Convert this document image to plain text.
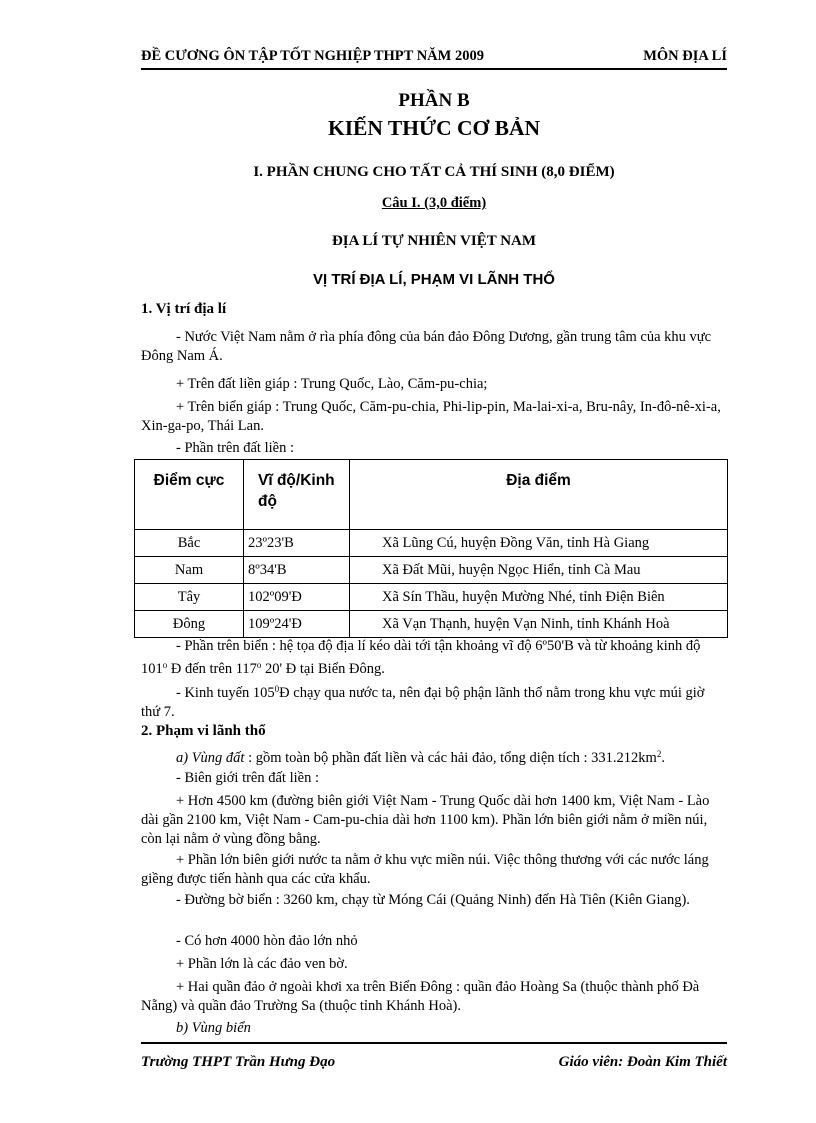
ĐỀ CƯƠNG ÔN TẬP TỐT NGHIỆP THPT NĂM 2009	MÔN ĐỊA LÍ
PHẦN B
KIẾN THỨC CƠ BẢN
I. PHẦN CHUNG CHO TẤT CẢ THÍ SINH (8,0 ĐIỂM)
Câu I. (3,0 điểm)
ĐỊA LÍ TỰ NHIÊN VIỆT NAM
VỊ TRÍ ĐỊA LÍ, PHẠM VI LÃNH THỔ
1. Vị trí địa lí
- Nước Việt Nam nằm ở rìa phía đông của bán đảo Đông Dương, gần trung tâm của khu vực Đông Nam Á.
+ Trên đất liền giáp : Trung Quốc, Lào, Căm-pu-chia;
+ Trên biển giáp : Trung Quốc, Căm-pu-chia, Phi-lip-pin, Ma-lai-xi-a, Bru-nây, In-đô-nê-xi-a, Xin-ga-po, Thái Lan.
- Phần trên đất liền :
Điểm cực	Vĩ độ/Kinh độ	Địa điểm
Bắc	23º23'B	Xã Lũng Cú, huyện Đồng Văn, tỉnh Hà Giang
Nam	8º34'B	Xã Đất Mũi, huyện Ngọc Hiển, tỉnh Cà Mau
Tây	102º09'Đ	Xã Sín Thầu, huyện Mường Nhé, tỉnh Điện Biên
Đông	109º24'Đ	Xã Vạn Thạnh, huyện Vạn Ninh, tỉnh Khánh Hoà
- Phần trên biển : hệ tọa độ địa lí kéo dài tới tận khoảng vĩ độ 6º50'B và từ khoảng kinh độ 101$^o$ Đ đến trên 117$^o$ 20' Đ tại Biển Đông.
- Kinh tuyến $105^0Đ$ chạy qua nước ta, nên đại bộ phận lãnh thổ nằm trong khu vực múi giờ thứ 7.
2. Phạm vi lãnh thổ
a) Vùng đất : gồm toàn bộ phần đất liền và các hải đảo, tổng diện tích : $331.212km^2$.
- Biên giới trên đất liền :
+ Hơn 4500 km (đường biên giới Việt Nam - Trung Quốc dài hơn 1400 km, Việt Nam - Lào dài gần 2100 km, Việt Nam - Cam-pu-chia dài hơn 1100 km). Phần lớn biên giới nằm ở miền núi, còn lại nằm ở vùng đồng bằng.
+ Phần lớn biên giới nước ta nằm ở khu vực miền núi. Việc thông thương với các nước láng giềng được tiến hành qua các cửa khẩu.
- Đường bờ biển : 3260 km, chạy từ Móng Cái (Quảng Ninh) đến Hà Tiên (Kiên Giang).
- Có hơn 4000 hòn đảo lớn nhỏ
+ Phần lớn là các đảo ven bờ.
+ Hai quần đảo ở ngoài khơi xa trên Biển Đông : quần đảo Hoàng Sa (thuộc thành phố Đà Nẵng) và quần đảo Trường Sa (thuộc tỉnh Khánh Hoà).
b) Vùng biển
Trường THPT Trần Hưng Đạo	Giáo viên: Đoàn Kim Thiết
